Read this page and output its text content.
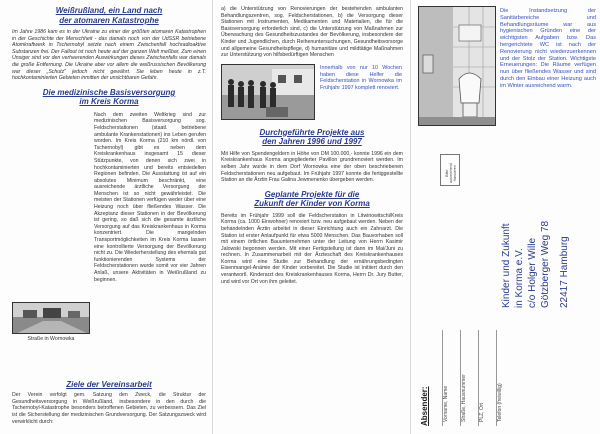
Weißrußland, ein Land nach
der atomaren Katastrophe

Im Jahre 1986 kam es in der Ukraine zu einer der größten atomaren Katastrophen in der Geschichte der Menschheit - das damals noch von der UdSSR betriebene Atomkraftwerk in Tschernobyl setzte nach einem Zwischenfall hochradioaktive Substanzen frei. Der Fallout ist noch heute auf der ganzen Welt meßbar. Zum einen Unsiger sind vor den verheerenden Auswirkungen dieses Zwischenfalls war damals die große Entfernung. Die Ukraine aber vor allem die weißrussischen Bevölkerung war dieser „Schutz" jedoch nicht gewährt. Sie leben heute in z.T. hochkontaminierten Gebieten inmitten der unsichtbaren Gefahr.

Die medizinische Basisversorgung
im Kreis Korma
Straße in Wornowka

Nach dem zweiten Weltkrieg sind zur medizinischen Basisversorgung sog. Feldscherstationen (staatl. betriebene ambulante Krankenstationen) ins Leben gerufen worden. Im Kreis Korma (210 km nördl. von Tschernobyl) gibt es neben dem Kreiskrankenhaus insgesamt 15 dieser Stützpunkte, von denen sich zwei in hochkontaminierten und bereits entsiedelten Regionen befinden. Die Ausstattung ist auf ein absolutes Minimum beschränkt, eine ausreichende ärztliche Versorgung der Menschen ist so nicht gewährleistet. Die meisten der Stationen verfügen weder über eine Heizung noch über fließendes Wasser. Die Akzeptanz dieser Stationen in der Bevölkerung ist gering, so daß sich die gesamte ärztliche Versorgung auf das Kreiskrankenhaus in Korma konzentriert. Die mangelnden Transportmöglichkeiten im Kreis Korma lassen eine kontrollierte Versorgung der Bevölkerung nicht zu. Die Wiederherstellung des ehemals gut funktionierenden Systems der Feldscherstationen wurde somit vor vier Jahren Anlaß, unsere Aktivitäten in Weißrußland zu beginnen.

Ziele der Vereinsarbeit

Der Verein verfolgt gem. Satzung den Zweck, die Struktur der Gesundheitsversorgung in Weißrußland, insbesondere in den durch die Tschernobyl-Katastrophe besonders betroffenen Gebieten, zu verbessern. Das Ziel ist die Sicherstellung der medizinischen Grundversorgung. Der Satzungszweck wird verwirklicht durch:

a) die Unterstützung von Renovierungen der bestehenden ambulanten Behandlungszentren, sog. Feldscherstationen, b) die Versorgung dieser Stationen mit Instrumenten, Medikamenten und Materialien, die für die Basisversorgung erforderlich sind, c) die Unterstützung von Maßnahmen zur Überwachung des Gesundheitszustandes der Bevölkerung, insbesondere der Kinder und Jugendlichen, durch Reihenuntersuchungen, Gesundheitsvorsorge und allgemeine Gesundheitspflege, d) humanitäre und mildtätige Maßnahmen zur Unterstützung von hilfsbedürftigen Menschen

Innerhalb von nur 10 Wochen haben diese Helfer die Feldscherstation in Wornowka im Frühjahr 1997 komplett renoviert.
Durchgeführte Projekte aus
den Jahren 1996 und 1997

Mit Hilfe von Spendengeldern in Höhe von DM 100.000,- konnte 1996 ein dem Kreiskrankenhaus Korma angegliederter Pavillon grundrenoviert werden. Im selben Jahr wurde in dem Dorf Wornowka eine der oben beschriebenen Feldscherstationen neu aufgebaut. Im Frühjahr 1997 konnte die fertiggestellte Station an die Ärztin Frau Galina Jewmenenko übergeben werden.

Geplante Projekte für die
Zukunft der Kinder von Korma

Bereits im Frühjahr 1999 soll die Feldscherstation in Litwinowitschi/Kreis Korma (ca. 1000 Einwohner) renoviert bzw. neu aufgebaut werden. Neben der behandelnden Ärztin arbeitet in dieser Einrichtung auch ein Zahnarzt. Die Station ist erster Anlaufpunkt für etwa 5000 Menschen. Das Bauvorhaben soll mit einem örtlichen Bauunternehmen unter der Leitung von Herrn Kasimir Jalowski begonnen werden. Mit einer Fertigstellung ist dann im Mai/Juni zu rechnen. In Zusammenarbeit mit der Ärzteschaft des Kreiskrankenhauses Korma wird eine Studie zur Behandlung der ernährungsbedingten Eisenmangel-Anämie der Kinder vorbereitet. Die Studie ist initiiert durch den verantwortl. Kinderarzt des Kreiskrankenhauses Korma, Herrn Dr. Jury Butter, und wird vor Ort von ihm geleitet.

Die Instandsetzung der Sanitärbereiche und Behandlungsräume war aus hygienischen Gründen eine der wichtigsten Aufgaben bzw. Das hergerichtete WC ist nach der Renovierung nicht wiederzuerkennen und der Stolz der Station. Wichtigste Erneuerungen: Die Räume verfügen nun über fließendes Wasser und sind durch den Einbau einer Heizung auch im Winter ausreichend warm.
Bitte ausreichend frankieren
Kinder und Zukunft in Korma e.V. c/o Holger Wille Götzberger Weg 78 22417 Hamburg
Absender:	Vorname, Name Straße, Hausnummer PLZ, Ort Telefon (freiwillig)
